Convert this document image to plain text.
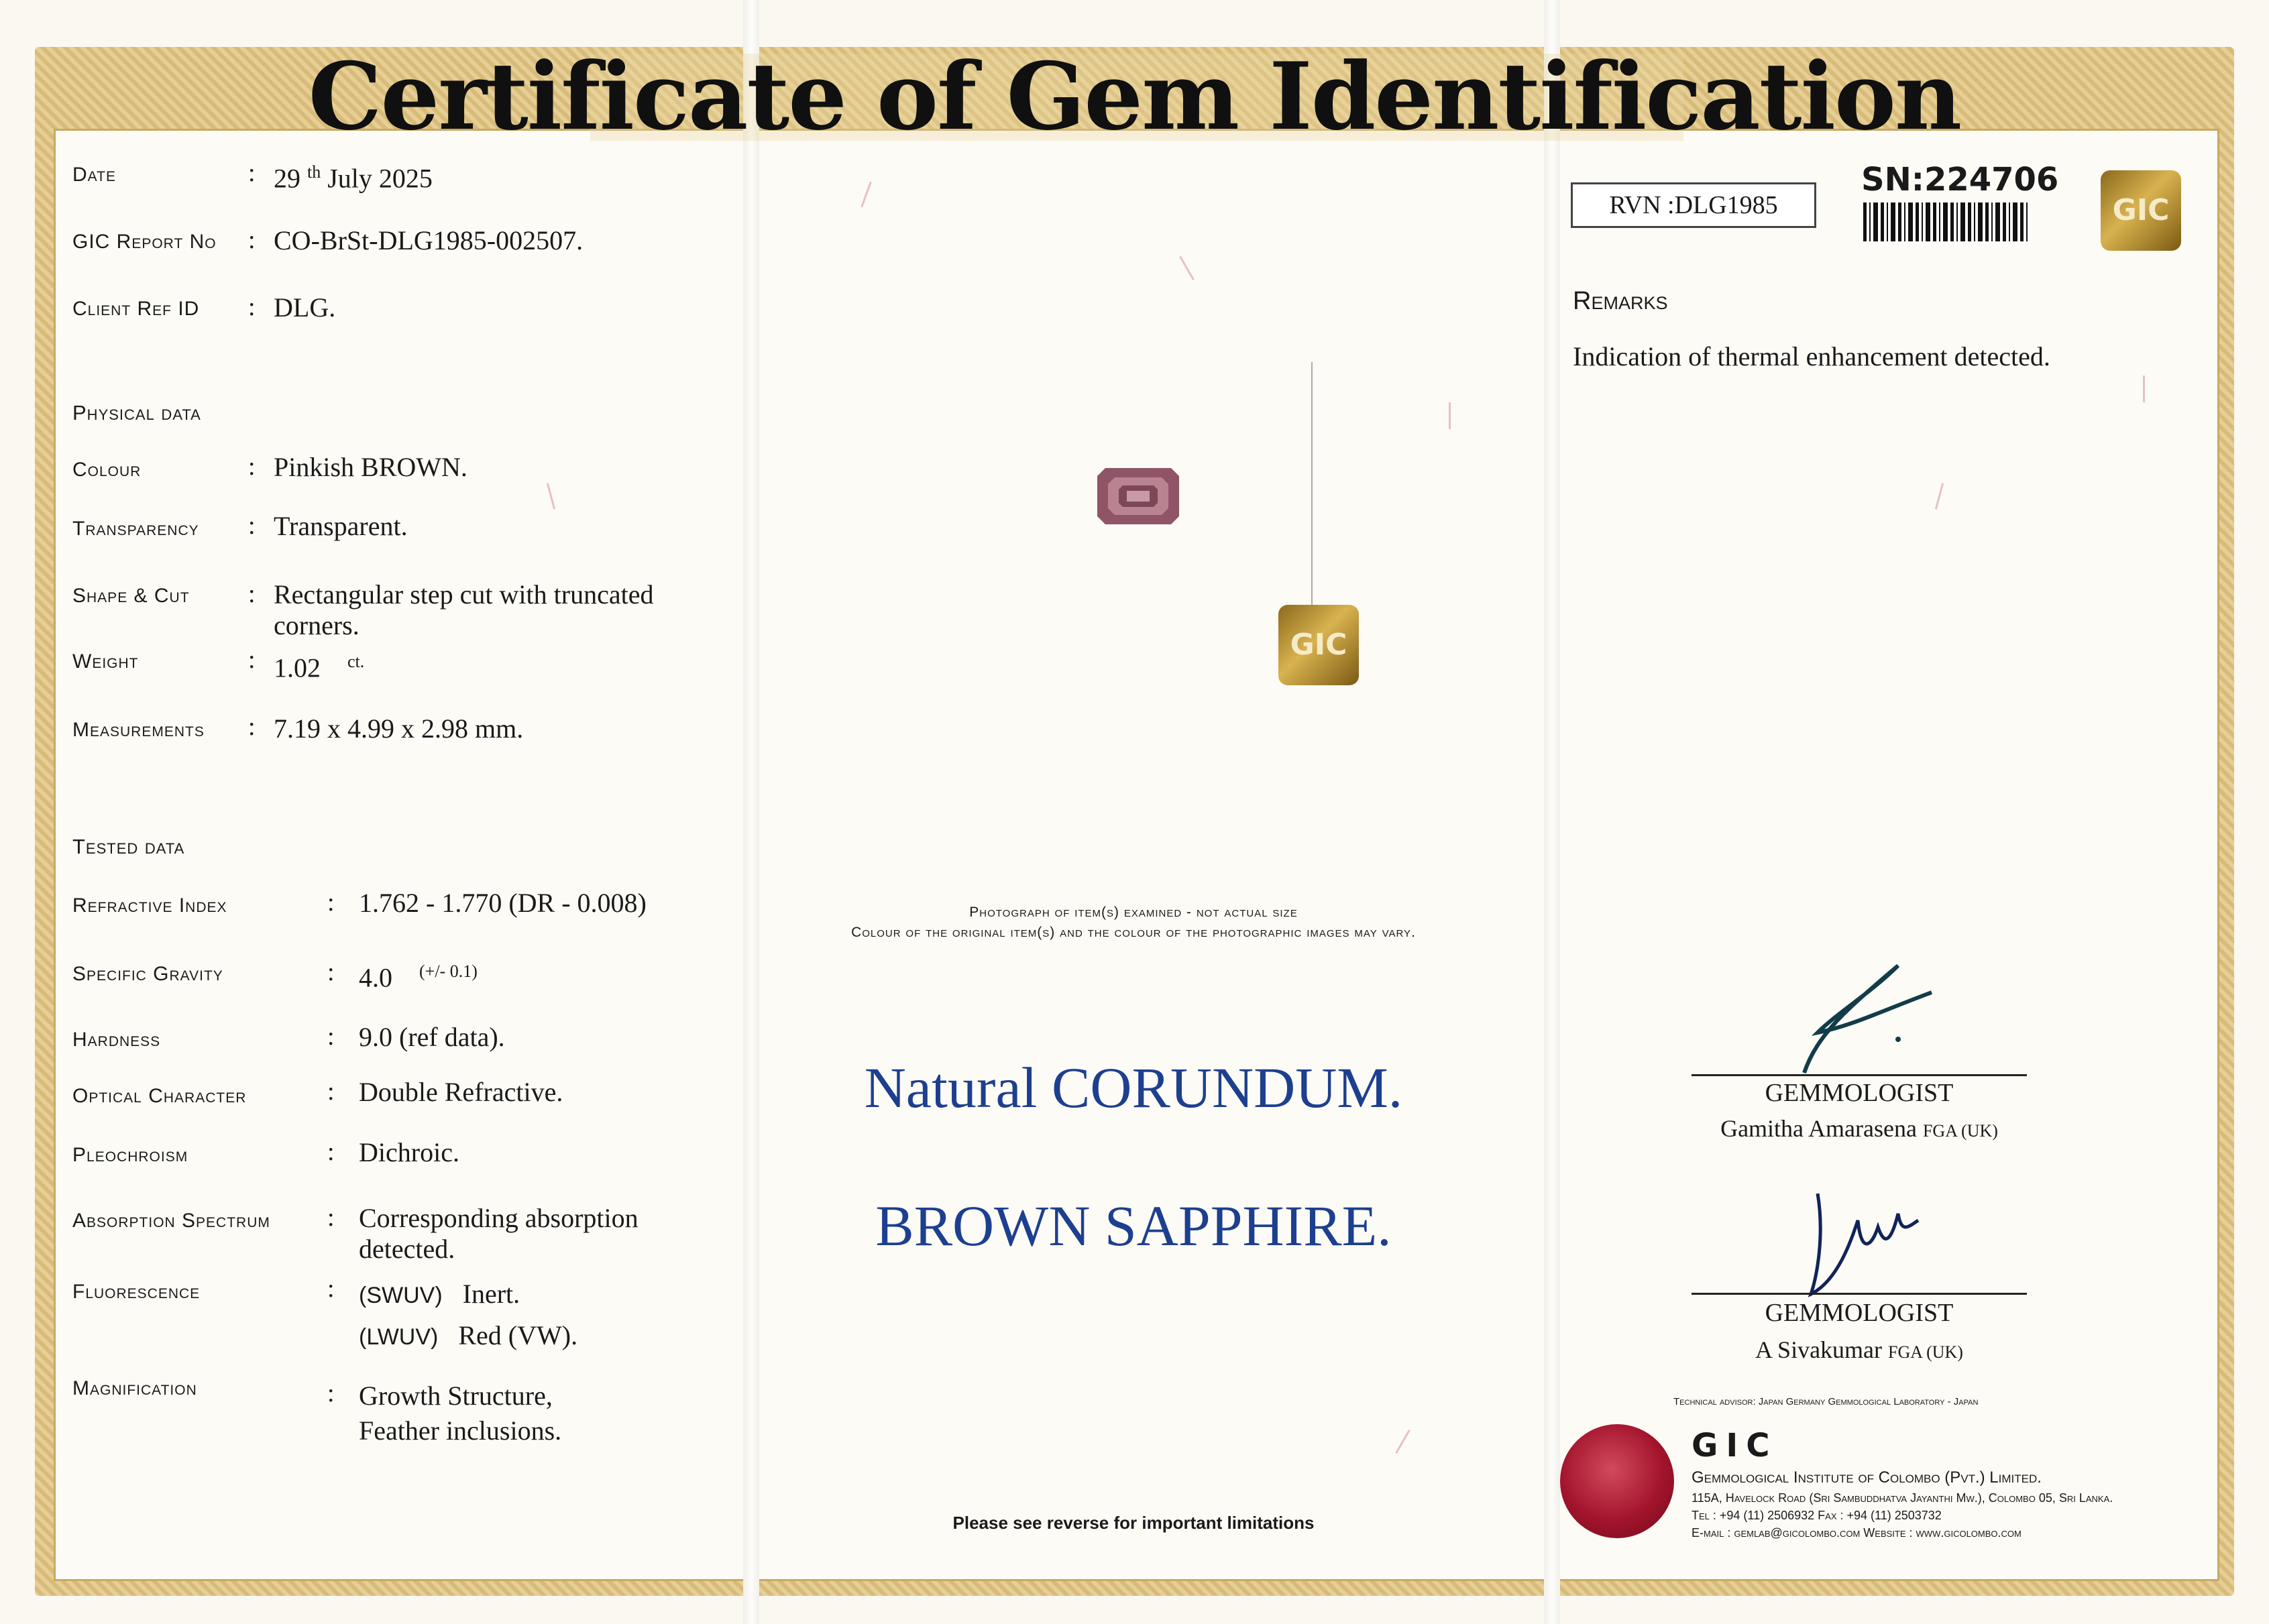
Certificate of Gem Identification
Date	: 29 $^{th}$ July 2025
GIC Report No : CO-BrSt-DLG1985-002507.
Client Ref ID : DLG.
Physical data
Colour	: Pinkish BROWN.
Transparency : Transparent.
Shape & Cut : Rectangular step cut with truncated
corners.
Weight	: 1.02 $^{ct.}$
Measurements : 7.19 x 4.99 x 2.98 mm.
Tested data
Refractive Index	: 1.762 - 1.770 (DR - 0.008)
Specific Gravity	: 4.0 $^{(+/- 0.1)}$
Hardness	: 9.0 (ref data).
Optical Character	: Double Refractive.
Pleochroism	: Dichroic.
Absorption Spectrum : Corresponding absorption
detected.
Fluorescence	: (SWUV) Inert.
(LWUV) Red (VW).
Magnification	: Growth Structure,
Feather inclusions.
GIC
Photograph of item(s) examined - not actual size
Colour of the original item(s) and the colour of the photographic images may vary.
Natural CORUNDUM.
BROWN SAPPHIRE.
Please see reverse for important limitations
RVN :DLG1985
SN:224706
GIC
Remarks
Indication of thermal enhancement detected.
GEMMOLOGIST
Gamitha Amarasena FGA (UK)
GEMMOLOGIST
A Sivakumar FGA (UK)
Technical advisor: Japan Germany Gemmological Laboratory - Japan
GIC
Gemmological Institute of Colombo (Pvt.) Limited.
115A, Havelock Road (Sri Sambuddhatva Jayanthi Mw.), Colombo 05, Sri Lanka.
Tel : +94 (11) 2506932 Fax : +94 (11) 2503732
E-mail : gemlab@gicolombo.com Website : www.gicolombo.com
